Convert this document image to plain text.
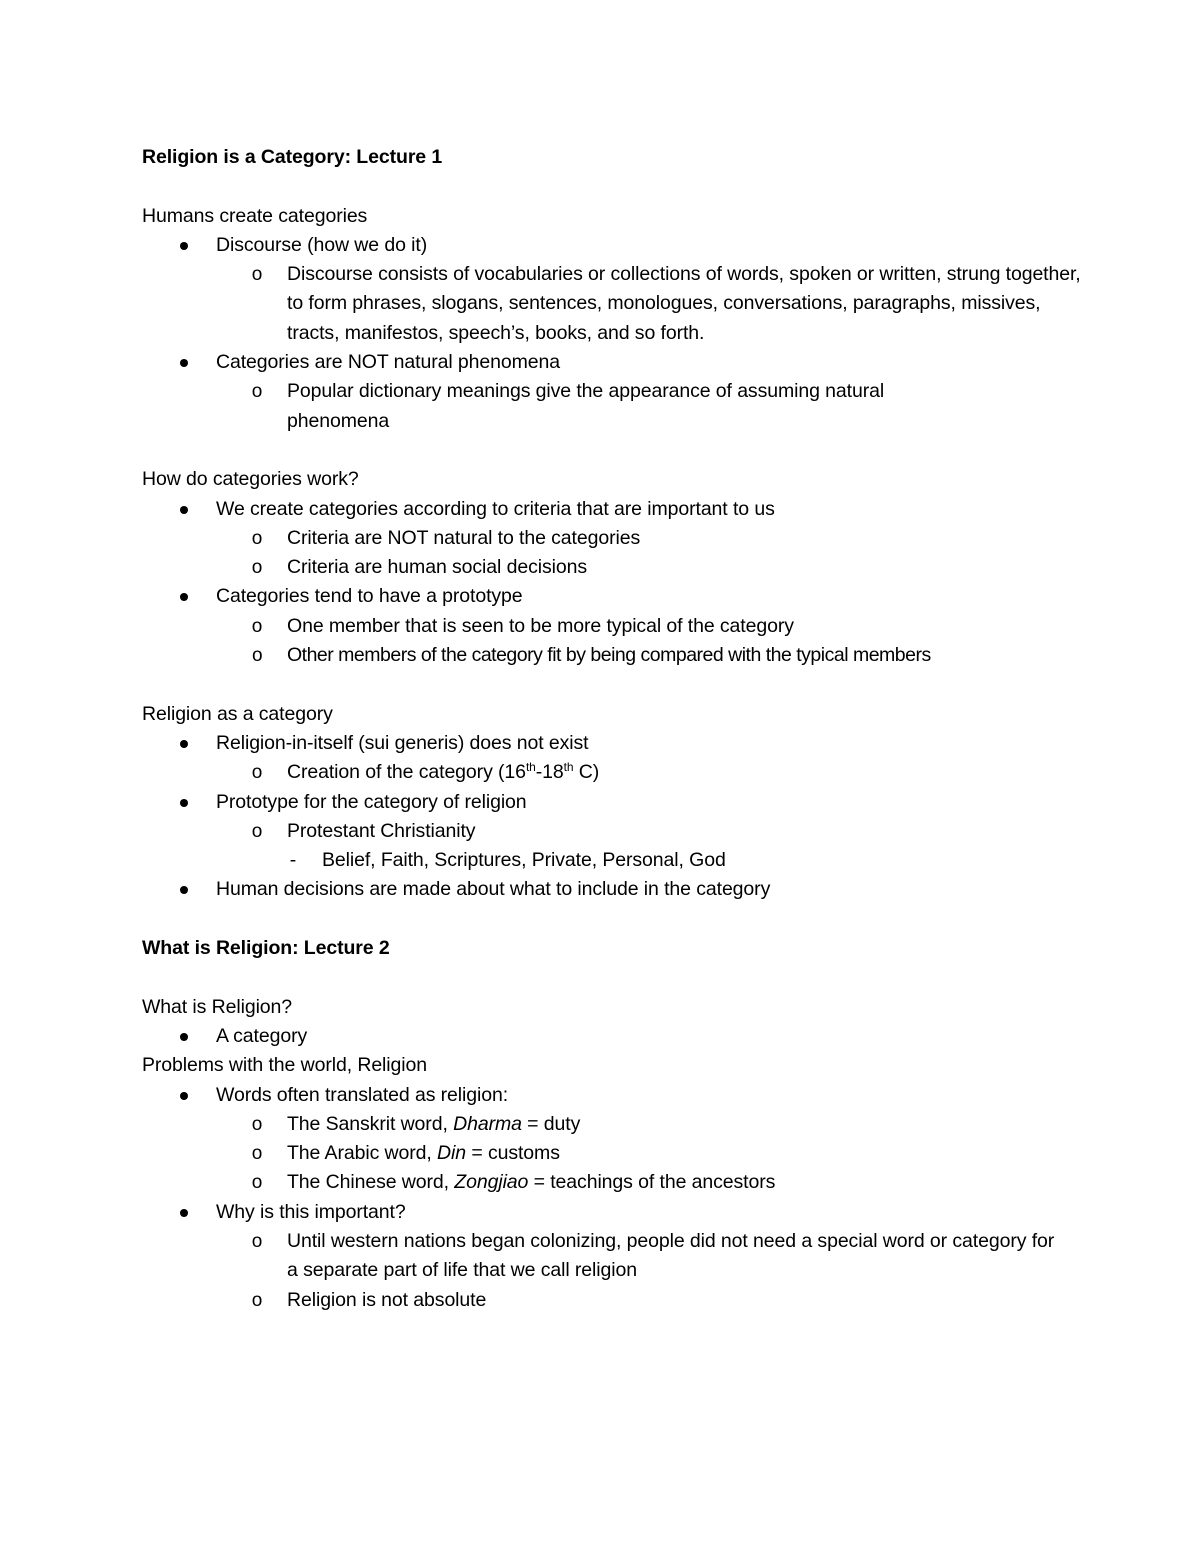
Religion is a Category: Lecture 1
Humans create categories
Discourse (how we do it)
o Discourse consists of vocabularies or collections of words, spoken or written, strung together, to form phrases, slogans, sentences, monologues, conversations, paragraphs, missives, tracts, manifestos, speech’s, books, and so forth.
Categories are NOT natural phenomena
o Popular dictionary meanings give the appearance of assuming natural phenomena
How do categories work?
We create categories according to criteria that are important to us
o Criteria are NOT natural to the categories
o Criteria are human social decisions
Categories tend to have a prototype
o One member that is seen to be more typical of the category
o Other members of the category fit by being compared with the typical members
Religion as a category
Religion-in-itself (sui generis) does not exist
o Creation of the category (16th-18th C)
Prototype for the category of religion
o Protestant Christianity
- Belief, Faith, Scriptures, Private, Personal, God
Human decisions are made about what to include in the category
What is Religion: Lecture 2
What is Religion?
A category
Problems with the world, Religion
Words often translated as religion:
o The Sanskrit word, Dharma = duty
o The Arabic word, Din = customs
o The Chinese word, Zongjiao = teachings of the ancestors
Why is this important?
o Until western nations began colonizing, people did not need a special word or category for a separate part of life that we call religion
o Religion is not absolute
